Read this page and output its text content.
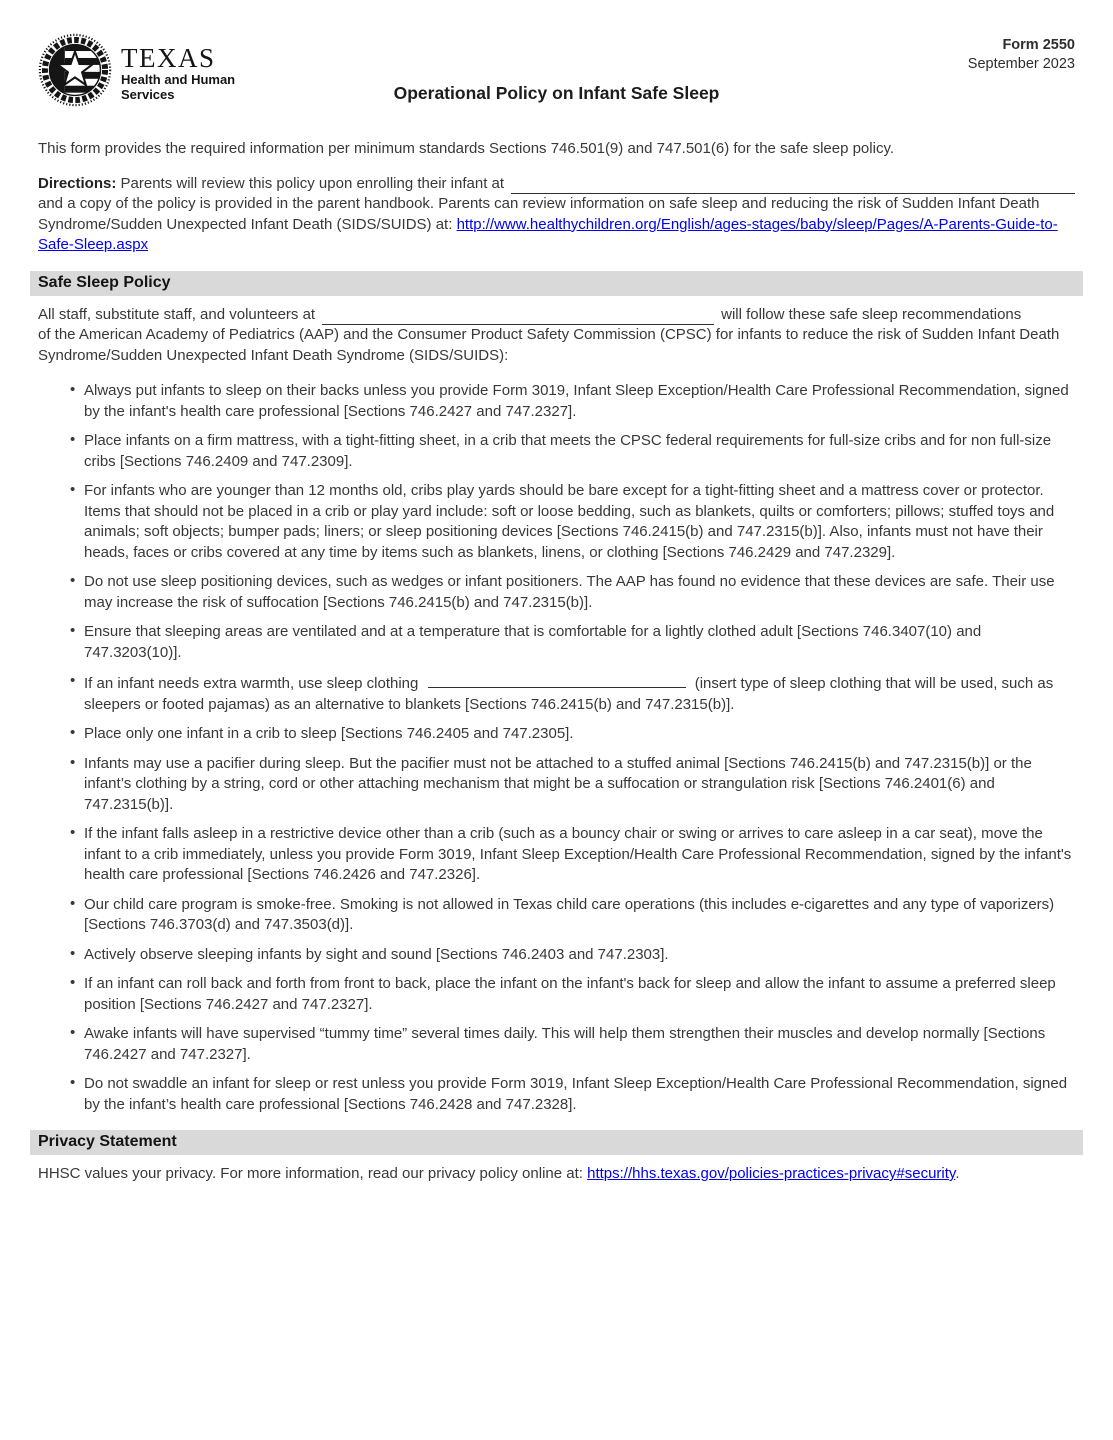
TEXAS
Health and Human
Services
Form 2550
September 2023
Operational Policy on Infant Safe Sleep

This form provides the required information per minimum standards Sections 746.501(9) and 747.501(6) for the safe sleep policy.

Directions: Parents will review this policy upon enrolling their infant at

and a copy of the policy is provided in the parent handbook. Parents can review information on safe sleep and reducing the risk of Sudden Infant Death Syndrome/Sudden Unexpected Infant Death (SIDS/SUIDS) at: http://www.healthychildren.org/English/ages-stages/baby/sleep/Pages/A-Parents-Guide-to-Safe-Sleep.aspx

Safe Sleep Policy
All staff, substitute staff, and volunteers at	will follow these safe sleep recommendations

of the American Academy of Pediatrics (AAP) and the Consumer Product Safety Commission (CPSC) for infants to reduce the risk of Sudden Infant Death Syndrome/Sudden Unexpected Infant Death Syndrome (SIDS/SUIDS):

• Always put infants to sleep on their backs unless you provide Form 3019, Infant Sleep Exception/Health Care Professional Recommendation, signed by the infant's health care professional [Sections 746.2427 and 747.2327].
• Place infants on a firm mattress, with a tight-fitting sheet, in a crib that meets the CPSC federal requirements for full-size cribs and for non full-size cribs [Sections 746.2409 and 747.2309].
• For infants who are younger than 12 months old, cribs play yards should be bare except for a tight-fitting sheet and a mattress cover or protector. Items that should not be placed in a crib or play yard include: soft or loose bedding, such as blankets, quilts or comforters; pillows; stuffed toys and animals; soft objects; bumper pads; liners; or sleep positioning devices [Sections 746.2415(b) and 747.2315(b)]. Also, infants must not have their heads, faces or cribs covered at any time by items such as blankets, linens, or clothing [Sections 746.2429 and 747.2329].
• Do not use sleep positioning devices, such as wedges or infant positioners. The AAP has found no evidence that these devices are safe. Their use may increase the risk of suffocation [Sections 746.2415(b) and 747.2315(b)].
• Ensure that sleeping areas are ventilated and at a temperature that is comfortable for a lightly clothed adult [Sections 746.3407(10) and 747.3203(10)].
• If an infant needs extra warmth, use sleep clothing	(insert type of sleep clothing that will be used, such as sleepers or footed pajamas) as an alternative to blankets [Sections 746.2415(b) and 747.2315(b)].
• Place only one infant in a crib to sleep [Sections 746.2405 and 747.2305].
• Infants may use a pacifier during sleep. But the pacifier must not be attached to a stuffed animal [Sections 746.2415(b) and 747.2315(b)] or the infant’s clothing by a string, cord or other attaching mechanism that might be a suffocation or strangulation risk [Sections 746.2401(6) and 747.2315(b)].
• If the infant falls asleep in a restrictive device other than a crib (such as a bouncy chair or swing or arrives to care asleep in a car seat), move the infant to a crib immediately, unless you provide Form 3019, Infant Sleep Exception/Health Care Professional Recommendation, signed by the infant's health care professional [Sections 746.2426 and 747.2326].
• Our child care program is smoke-free. Smoking is not allowed in Texas child care operations (this includes e-cigarettes and any type of vaporizers) [Sections 746.3703(d) and 747.3503(d)].
• Actively observe sleeping infants by sight and sound [Sections 746.2403 and 747.2303].
• If an infant can roll back and forth from front to back, place the infant on the infant's back for sleep and allow the infant to assume a preferred sleep position [Sections 746.2427 and 747.2327].
• Awake infants will have supervised “tummy time” several times daily. This will help them strengthen their muscles and develop normally [Sections 746.2427 and 747.2327].
• Do not swaddle an infant for sleep or rest unless you provide Form 3019, Infant Sleep Exception/Health Care Professional Recommendation, signed by the infant’s health care professional [Sections 746.2428 and 747.2328].
Privacy Statement

HHSC values your privacy. For more information, read our privacy policy online at: https://hhs.texas.gov/policies-practices-privacy#security.
